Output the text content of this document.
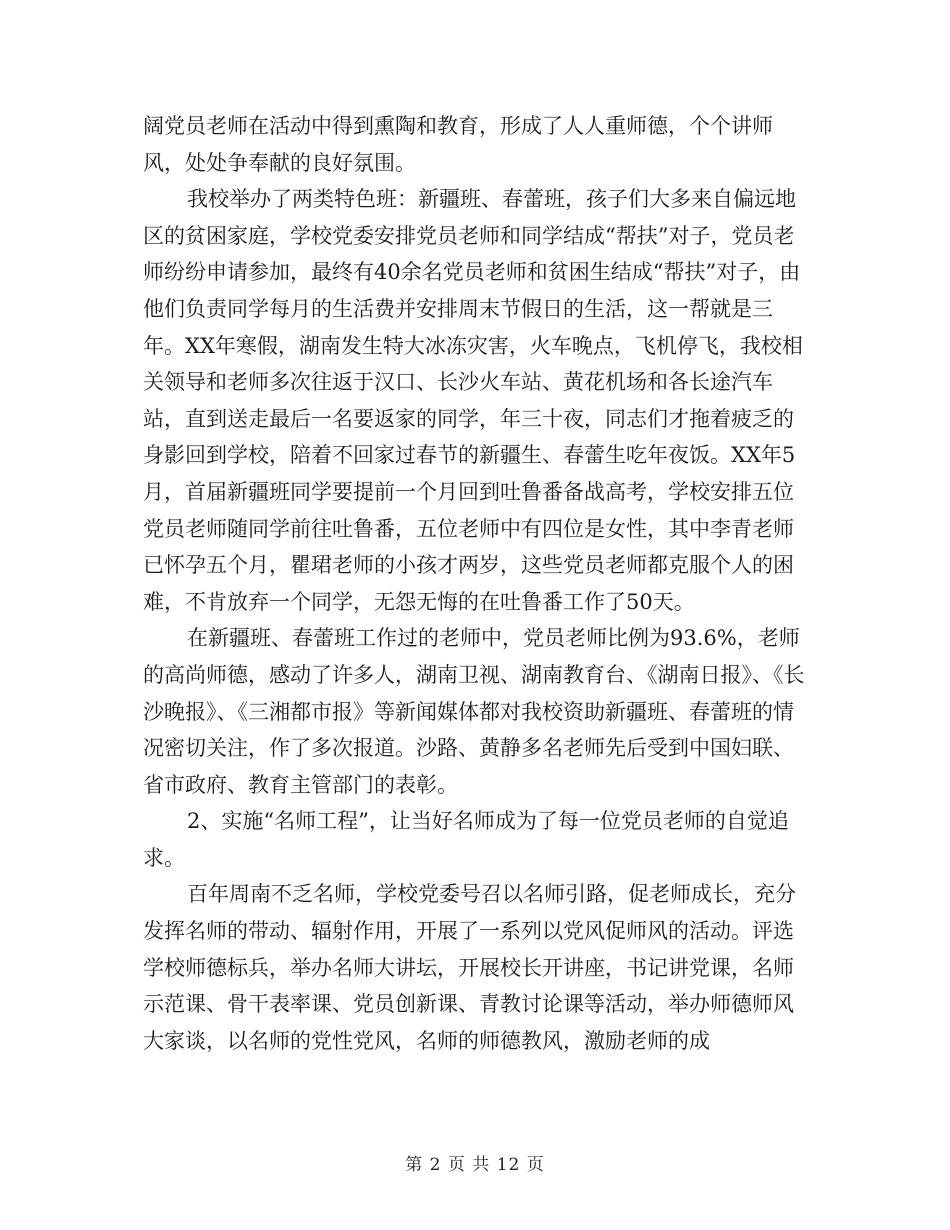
阔党员老师在活动中得到熏陶和教育，形成了人人重师德，个个讲师风，处处争奉献的良好氛围。

我校举办了两类特色班：新疆班、春蕾班，孩子们大多来自偏远地区的贫困家庭，学校党委安排党员老师和同学结成“帮扶”对子，党员老师纷纷申请参加，最终有40余名党员老师和贫困生结成“帮扶”对子，由他们负责同学每月的生活费并安排周末节假日的生活，这一帮就是三年。XX年寒假，湖南发生特大冰冻灾害，火车晚点，飞机停飞，我校相关领导和老师多次往返于汉口、长沙火车站、黄花机场和各长途汽车站，直到送走最后一名要返家的同学，年三十夜，同志们才拖着疲乏的身影回到学校，陪着不回家过春节的新疆生、春蕾生吃年夜饭。XX年5月，首届新疆班同学要提前一个月回到吐鲁番备战高考，学校安排五位党员老师随同学前往吐鲁番，五位老师中有四位是女性，其中李青老师已怀孕五个月，瞿珺老师的小孩才两岁，这些党员老师都克服个人的困难，不肯放弃一个同学，无怨无悔的在吐鲁番工作了50天。

在新疆班、春蕾班工作过的老师中，党员老师比例为93.6%，老师的高尚师德，感动了许多人，湖南卫视、湖南教育台、《湖南日报》、《长沙晚报》、《三湘都市报》等新闻媒体都对我校资助新疆班、春蕾班的情况密切关注，作了多次报道。沙路、黄静多名老师先后受到中国妇联、省市政府、教育主管部门的表彰。

2、实施“名师工程”，让当好名师成为了每一位党员老师的自觉追求。

百年周南不乏名师，学校党委号召以名师引路，促老师成长，充分发挥名师的带动、辐射作用，开展了一系列以党风促师风的活动。评选学校师德标兵，举办名师大讲坛，开展校长开讲座，书记讲党课，名师示范课、骨干表率课、党员创新课、青教讨论课等活动，举办师德师风大家谈，以名师的党性党风，名师的师德教风，激励老师的成

第 2 页 共 12 页
